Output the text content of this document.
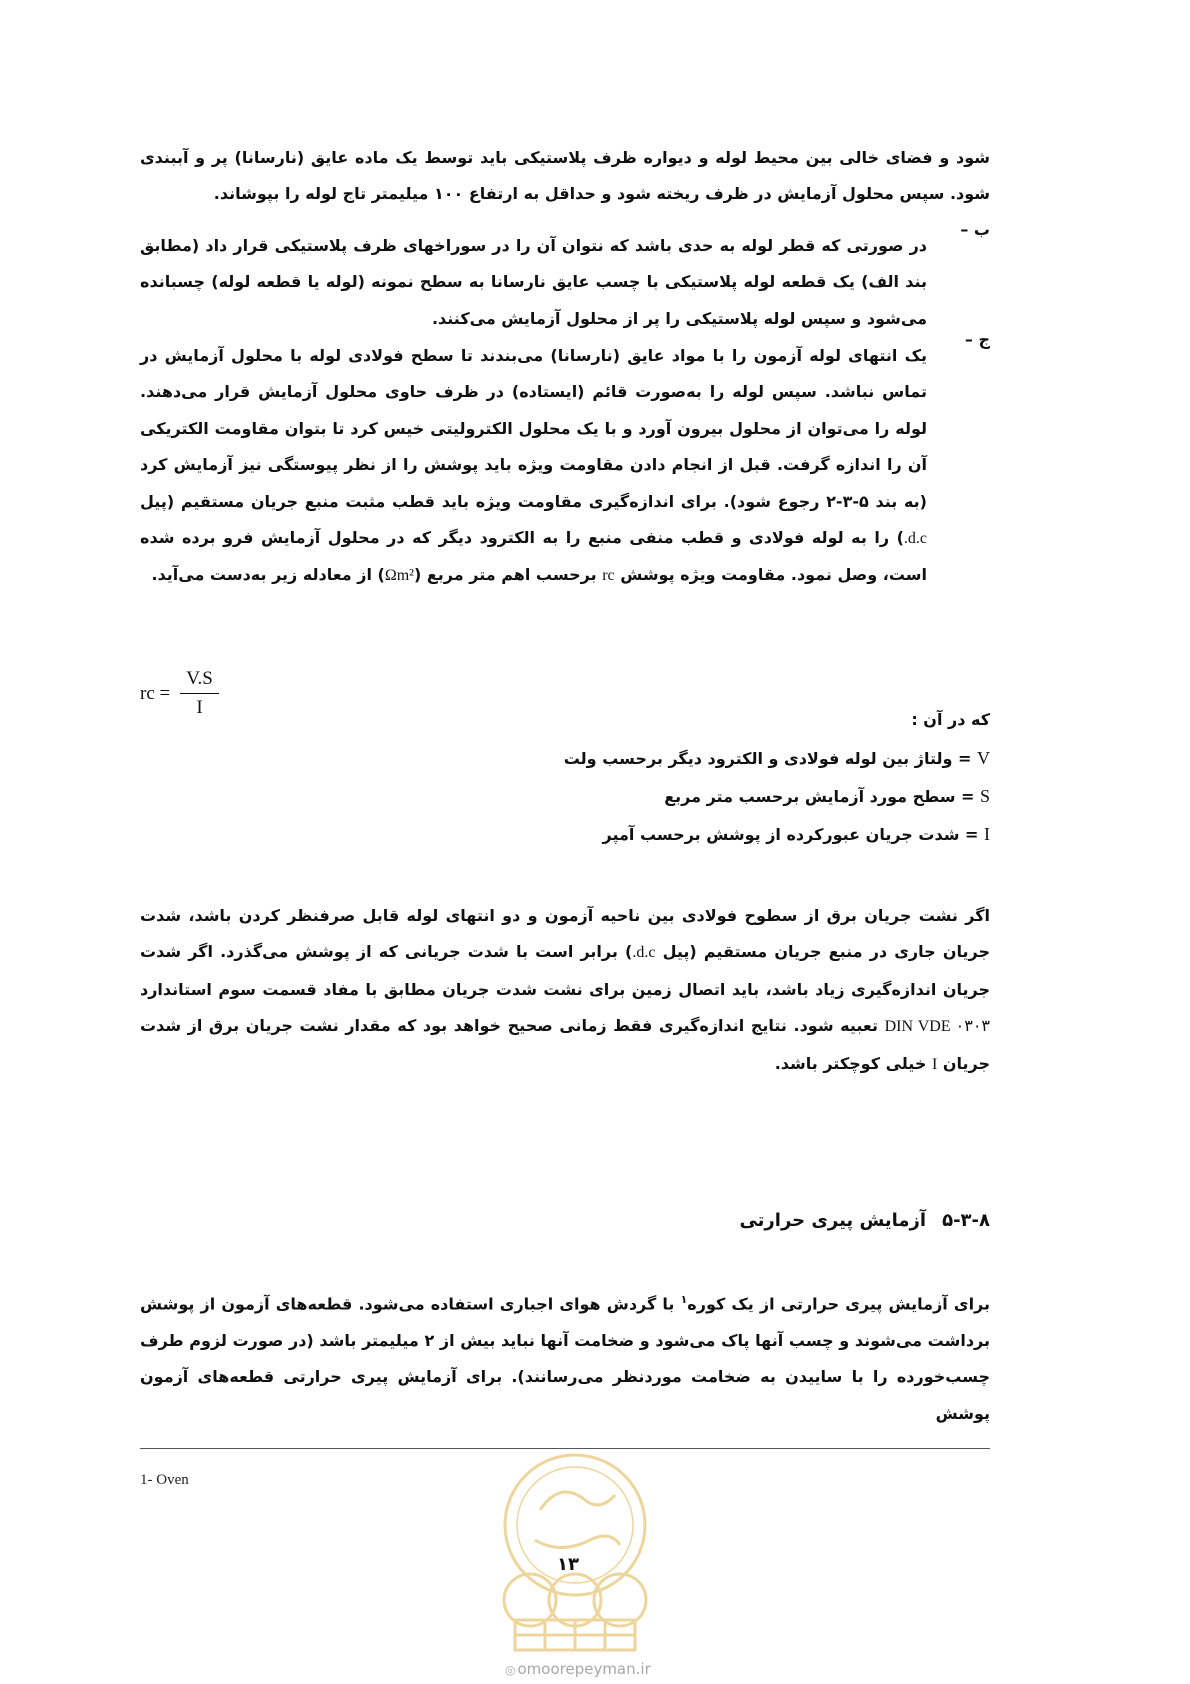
شود و فضای خالی بین محیط لوله و دیواره ظرف پلاستیکی باید توسط یک ماده عایق (نارسانا) پر و آببندی شود. سپس محلول آزمایش در ظرف ریخته شود و حداقل به ارتفاع ۱۰۰ میلیمتر تاج لوله را بپوشاند.

ب –

در صورتی که قطر لوله به حدی باشد که نتوان آن را در سوراخهای ظرف پلاستیکی قرار داد (مطابق بند الف) یک قطعه لوله پلاستیکی با چسب عایق نارسانا به سطح نمونه (لوله یا قطعه لوله) چسبانده می‌شود و سپس لوله پلاستیکی را پر از محلول آزمایش می‌کنند.

ج –

یک انتهای لوله آزمون را با مواد عایق (نارسانا) می‌بندند تا سطح فولادی لوله با محلول آزمایش در تماس نباشد. سپس لوله را به‌صورت قائم (ایستاده) در ظرف حاوی محلول آزمایش قرار می‌دهند. لوله را می‌توان از محلول بیرون آورد و با یک محلول الکترولیتی خیس کرد تا بتوان مقاومت الکتریکی آن را اندازه گرفت. قبل از انجام دادن مقاومت ویژه باید پوشش را از نظر پیوستگی نیز آزمایش کرد (به بند ۵-۳-۲ رجوع شود). برای اندازه‌گیری مقاومت ویژه باید قطب مثبت منبع جریان مستقیم (پیل d.c.) را به لوله فولادی و قطب منفی منبع را به الکترود دیگر که در محلول آزمایش فرو برده شده است، وصل نمود. مقاومت ویژه پوشش rc برحسب اهم متر مربع (Ωm²) از معادله زیر به‌دست می‌آید.

rc = $\frac{V.S}{I}$
که در آن :
V = ولتاژ بین لوله فولادی و الکترود دیگر برحسب ولت
S = سطح مورد آزمایش برحسب متر مربع
I = شدت جریان عبورکرده از پوشش برحسب آمپر

اگر نشت جریان برق از سطوح فولادی بین ناحیه آزمون و دو انتهای لوله قابل صرفنظر کردن باشد، شدت جریان جاری در منبع جریان مستقیم (پیل d.c.) برابر است با شدت جریانی که از پوشش می‌گذرد. اگر شدت جریان اندازه‌گیری زیاد باشد، باید اتصال زمین برای نشت شدت جریان مطابق با مفاد قسمت سوم استاندارد DIN VDE ۰۳۰۳ تعبیه شود. نتایج اندازه‌گیری فقط زمانی صحیح خواهد بود که مقدار نشت جریان برق از شدت جریان I خیلی کوچکتر باشد.

۵-۳-۸آزمایش پیری حرارتی

برای آزمایش پیری حرارتی از یک کوره$^۱$ با گردش هوای اجباری استفاده می‌شود. قطعه‌های آزمون از پوشش برداشت می‌شوند و چسب آنها پاک می‌شود و ضخامت آنها نباید بیش از ۲ میلیمتر باشد (در صورت لزوم طرف چسب‌خورده را با ساییدن به ضخامت موردنظر می‌رسانند). برای آزمایش پیری حرارتی قطعه‌های آزمون پوشش

1- Oven
۱۳
◎ omoorepeyman.ir
